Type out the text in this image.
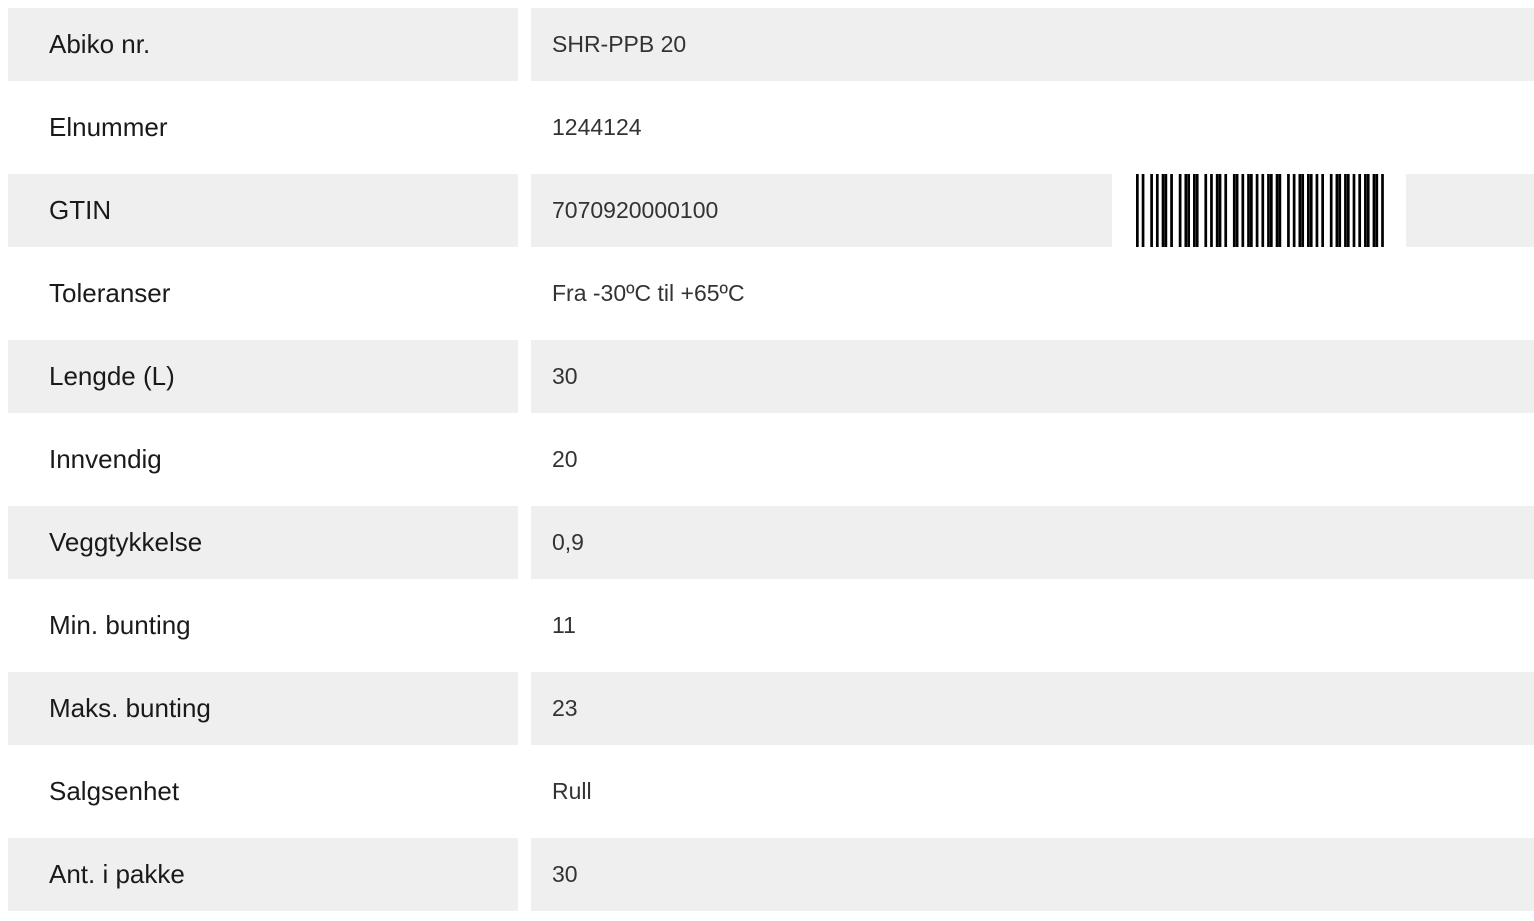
Abiko nr.	SHR-PPB 20
Elnummer	1244124
GTIN	7070920000100
Toleranser	Fra -30ºC til +65ºC
Lengde (L)	30
Innvendig	20
Veggtykkelse	0,9
Min. bunting	11
Maks. bunting	23
Salgsenhet	Rull
Ant. i pakke	30
